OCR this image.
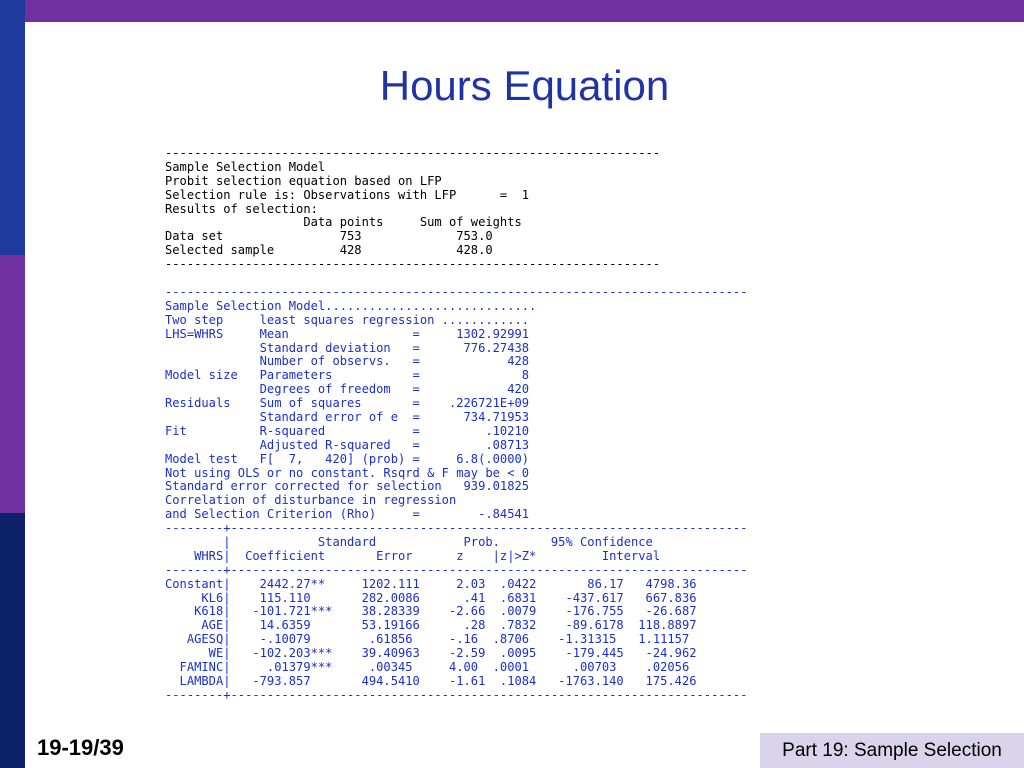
Hours Equation
--------------------------------------------------------------------
Sample Selection Model
Probit selection equation based on LFP
Selection rule is: Observations with LFP      =  1
Results of selection:
Data points     Sum of weights
Data set                753             753.0
Selected sample         428             428.0
--------------------------------------------------------------------
--------------------------------------------------------------------------------
Sample Selection Model.............................
Two step     least squares regression ............
LHS=WHRS     Mean                 =     1302.92991
Standard deviation   =      776.27438
Number of observs.   =            428
Model size   Parameters           =              8
Degrees of freedom   =            420
Residuals    Sum of squares       =    .226721E+09
Standard error of e  =      734.71953
Fit          R-squared            =         .10210
Adjusted R-squared   =         .08713
Model test   F[  7,   420] (prob) =     6.8(.0000)
Not using OLS or no constant. Rsqrd & F may be < 0
Standard error corrected for selection   939.01825
Correlation of disturbance in regression
and Selection Criterion (Rho)     =        -.84541
--------+-----------------------------------------------------------------------
|            Standard            Prob.       95% Confidence
WHRS|  Coefficient       Error      z    |z|>Z*         Interval
--------+-----------------------------------------------------------------------
Constant|    2442.27**     1202.111     2.03  .0422       86.17   4798.36
KL6|    115.110       282.0086      .41  .6831    -437.617   667.836
K618|   -101.721***    38.28339    -2.66  .0079    -176.755   -26.687
AGE|    14.6359       53.19166      .28  .7832    -89.6178  118.8897
AGESQ|    -.10079        .61856     -.16  .8706    -1.31315   1.11157
WE|   -102.203***    39.40963    -2.59  .0095    -179.445   -24.962
FAMINC|     .01379***     .00345     4.00  .0001      .00703    .02056
LAMBDA|   -793.857       494.5410    -1.61  .1084   -1763.140   175.426
--------+-----------------------------------------------------------------------
19-19/39	Part 19: Sample Selection
